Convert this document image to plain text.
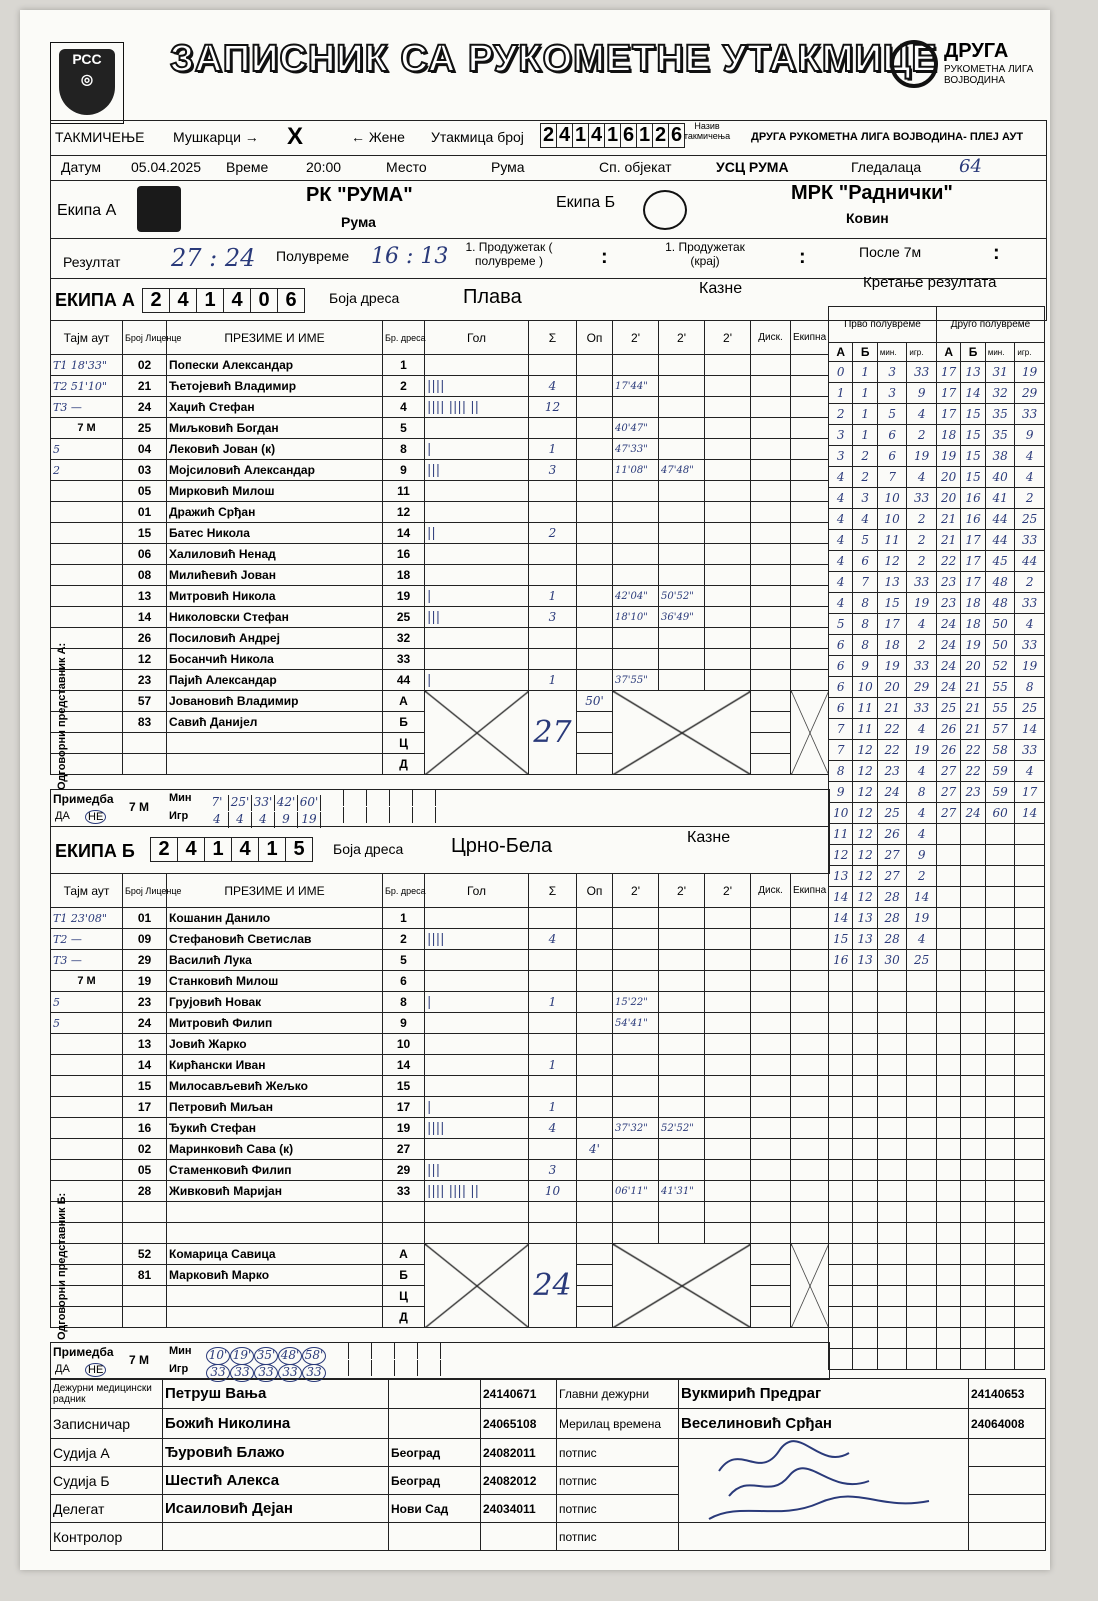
РСС
◎	ЗАПИСНИК СА РУКОМЕТНЕ УТАКМИЦЕ ДРУГА
РУКОМЕТНА ЛИГА ВОЈВОДИНА
ТАКМИЧЕЊЕ Мушкарци → X	← Жене Утакмица број 2 4 1 4 1 6 1 2 6	Назив такмичења	ДРУГА РУКОМЕТНА ЛИГА ВОЈВОДИНА- ПЛЕЈ АУТ
Датум 05.04.2025 Време	20:00	Место	Рума	Сп. објекат	УСЦ РУМА	Гледалаца 64
Екипа А
РК "РУМА"
Рума
Екипа Б	МРК "Раднички"
Ковин
Резултат 27 : 24 Полувреме 16 : 13 1. Продужетак ( полувреме )	:	1. Продужетак (крај)	:	После 7м	:
ЕКИПА А 2 4 1 4 0 6	Боја дреса	Плава	Казне	Кретање резултата
Тајм аут	Број Лиценце	ПРЕЗИМЕ И ИМЕ	Бр. дреса	Гол	Σ	Оп	2'	2'	2'	Диск.	Екипна
T1 18'33"	02	Попески Александар	1								
T2 51'10"	21	Ћетојевић Владимир	2	||||	4		17'44"				
T3 —	24	Хаџић Стефан	4	|||| |||| ||	12						
7 М	25	Миљковић Богдан	5				40'47"				
5	04	Лековић Јован (к)	8	|	1		47'33"				
2	03	Мојсиловић Александар	9	|||	3		11'08"	47'48"			
	05	Мирковић Милош	11								
	01	Дражић Срђан	12								
	15	Батес Никола	14	||	2						
	06	Халиловић Ненад	16								
	08	Милићевић Јован	18								
	13	Митровић Никола	19	|	1		42'04"	50'52"			
	14	Николовски Стефан	25	|||	3		18'10"	36'49"			
	26	Посиловић Андреј	32								
	12	Босанчић Никола	33								
	23	Пајић Александар	44	|	1		37'55"				
	57	Јовановић Владимир	А		27	50'					
	83	Савић Данијел	Б								
			Ц								
			Д								
Примедба
ДА НЕ
7 М
Мин
Игр
7' 25' 33' 42' 60'
4 4 4 9 19
ЕКИПА Б	2 4 1 4 1 5	Боја дреса Црно-Бела	Казне
Тајм аут	Број Лиценце	ПРЕЗИМЕ И ИМЕ	Бр. дреса	Гол	Σ	Оп	2'	2'	2'	Диск.	Екипна
T1 23'08"	01	Кошанин Данило	1								
T2 —	09	Стефановић Светислав	2	||||	4						
T3 —	29	Василић Лука	5								
7 М	19	Станковић Милош	6								
5	23	Грујовић Новак	8	|	1		15'22"				
5	24	Митровић Филип	9				54'41"				
	13	Јовић Жарко	10								
	14	Кирћански Иван	14		1						
	15	Милосављевић Жељко	15								
	17	Петровић Миљан	17	|	1						
	16	Ђукић Стефан	19	||||	4		37'32"	52'52"			
	02	Маринковић Сава (к)	27			4'					
	05	Стаменковић Филип	29	|||	3						
	28	Живковић Маријан	33	|||| |||| ||	10		06'11"	41'31"			

	52	Комарица Савица	А		24						
	81	Марковић Марко	Б								
			Ц								
			Д								
Примедба
ДА НЕ
7 М
Мин
Игр
10' 19' 35' 48' 58'
33 33 33 33 33
Прво полувреме				Друго полувреме			
А	Б	мин.	игр.	А	Б	мин.	игр.
0	1	3	33	17	13	31	19
1	1	3	9	17	14	32	29
2	1	5	4	17	15	35	33
3	1	6	2	18	15	35	9
3	2	6	19	19	15	38	4
4	2	7	4	20	15	40	4
4	3	10	33	20	16	41	2
4	4	10	2	21	16	44	25
4	5	11	2	21	17	44	33
4	6	12	2	22	17	45	44
4	7	13	33	23	17	48	2
4	8	15	19	23	18	48	33
5	8	17	4	24	18	50	4
6	8	18	2	24	19	50	33
6	9	19	33	24	20	52	19
6	10	20	29	24	21	55	8
6	11	21	33	25	21	55	25
7	11	22	4	26	21	57	14
7	12	22	19	26	22	58	33
8	12	23	4	27	22	59	4
9	12	24	8	27	23	59	17
10	12	25	4	27	24	60	14
11	12	26	4				
12	12	27	9				
13	12	27	2				
14	12	28	14				
14	13	28	19				
15	13	28	4				
16	13	30	25				

Одговорни представник А:
Одговорни представник Б:
Дежурни медицински радник	Петруш Вања		24140671	Главни дежурни	Вукмирић Предраг	24140653
Записничар	Божић Николина		24065108	Мерилац времена	Веселиновић Срђан	24064008
Судија А	Ђуровић Блажо	Београд	24082011	потпис	

Судија Б	Шестић Алекса	Београд	24082012	потпис		
Делегат	Исаиловић Дејан	Нови Сад	24034011	потпис		
Контролор				потпис		
